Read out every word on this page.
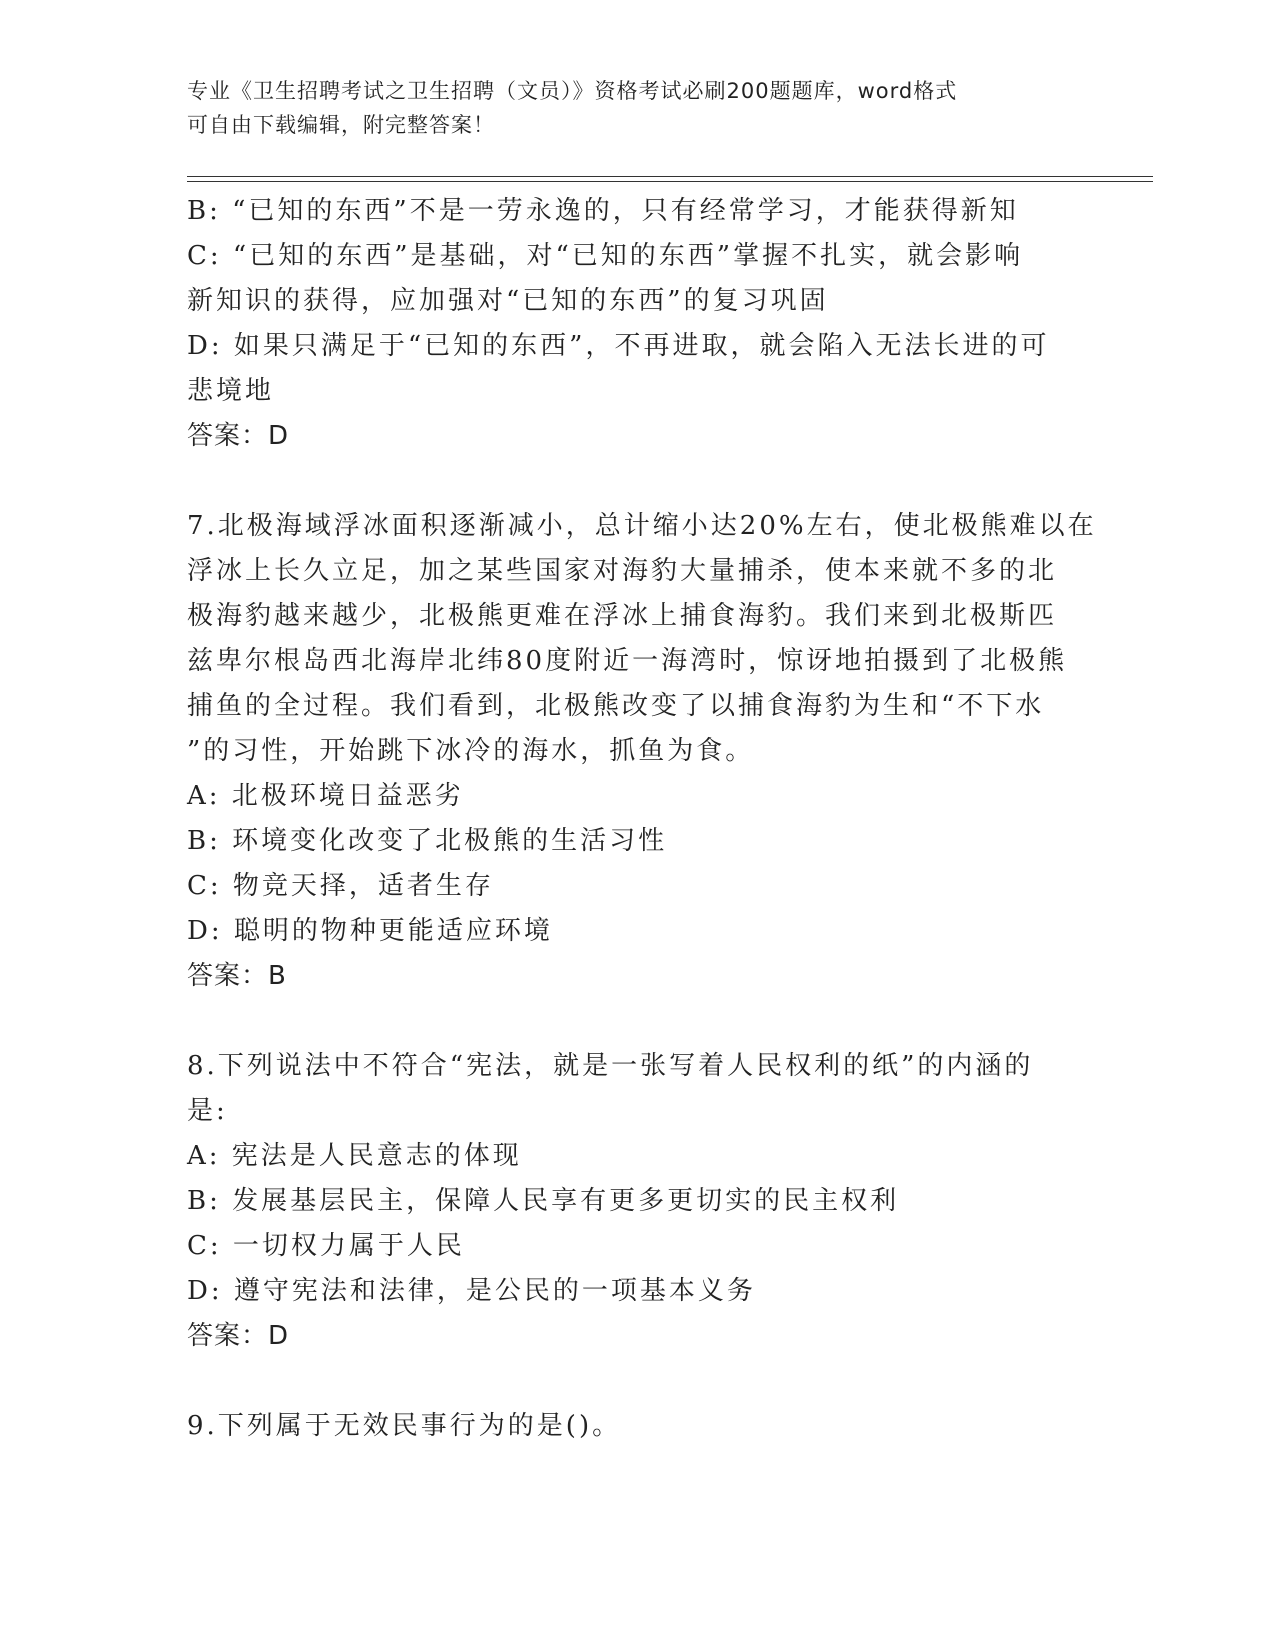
专业《卫生招聘考试之卫生招聘（文员）》资格考试必刷200题题库，word格式
可自由下载编辑，附完整答案！
B: “已知的东西”不是一劳永逸的，只有经常学习，才能获得新知
C: “已知的东西”是基础，对“已知的东西”掌握不扎实，就会影响
新知识的获得，应加强对“已知的东西”的复习巩固
D: 如果只满足于“已知的东西”，不再进取，就会陷入无法长进的可
悲境地
答案：D
7.北极海域浮冰面积逐渐减小，总计缩小达20%左右，使北极熊难以在
浮冰上长久立足，加之某些国家对海豹大量捕杀，使本来就不多的北
极海豹越来越少，北极熊更难在浮冰上捕食海豹。我们来到北极斯匹
兹卑尔根岛西北海岸北纬80度附近一海湾时，惊讶地拍摄到了北极熊
捕鱼的全过程。我们看到，北极熊改变了以捕食海豹为生和“不下水
”的习性，开始跳下冰冷的海水，抓鱼为食。
A: 北极环境日益恶劣
B: 环境变化改变了北极熊的生活习性
C: 物竞天择，适者生存
D: 聪明的物种更能适应环境
答案：B
8.下列说法中不符合“宪法，就是一张写着人民权利的纸”的内涵的
是:
A: 宪法是人民意志的体现
B: 发展基层民主，保障人民享有更多更切实的民主权利
C: 一切权力属于人民
D: 遵守宪法和法律，是公民的一项基本义务
答案：D
9.下列属于无效民事行为的是()。
